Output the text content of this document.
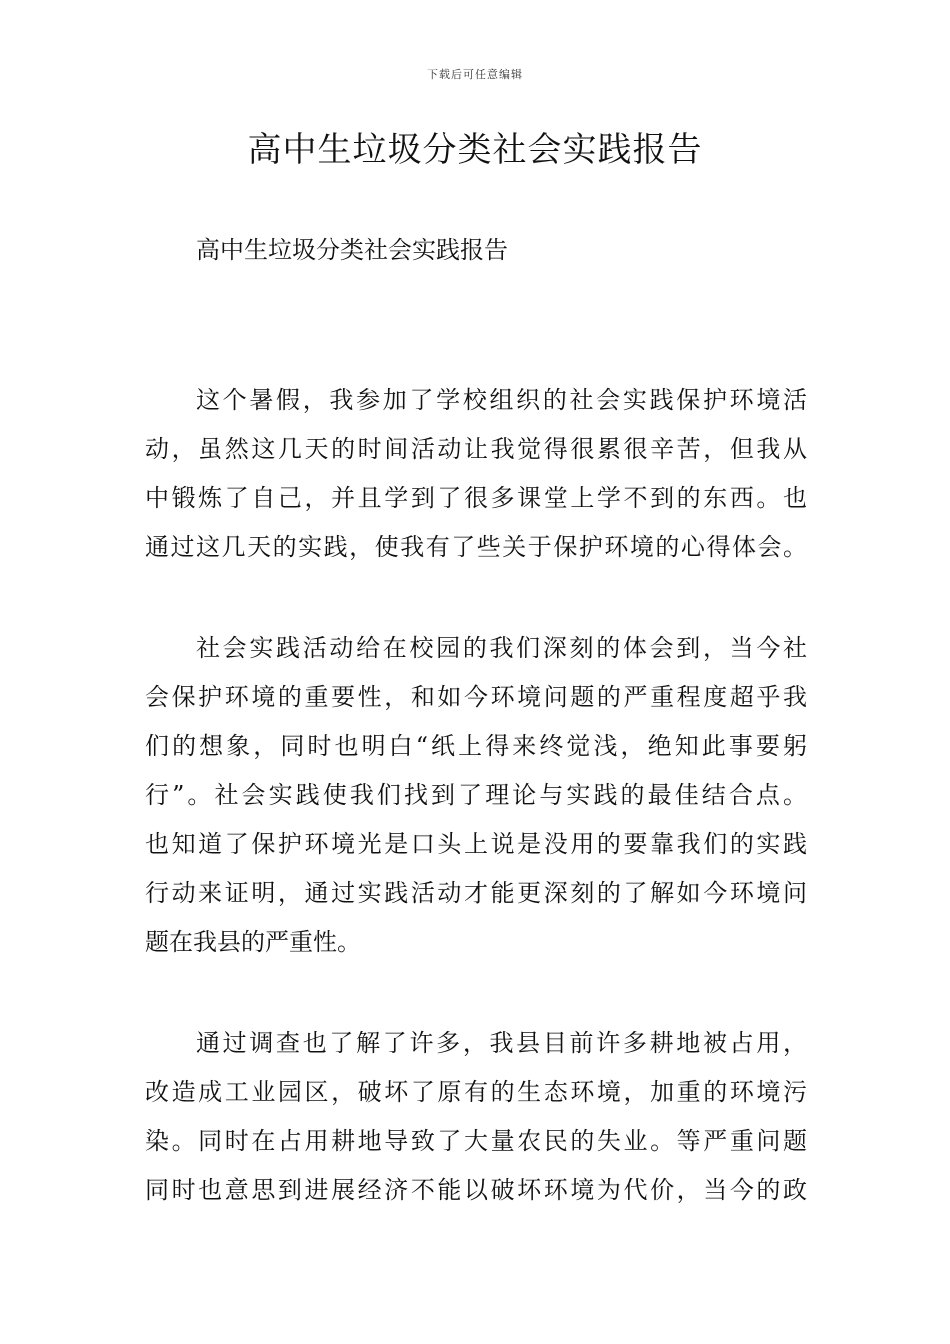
下载后可任意编辑
高中生垃圾分类社会实践报告

高中生垃圾分类社会实践报告

这个暑假，我参加了学校组织的社会实践保护环境活

动，虽然这几天的时间活动让我觉得很累很辛苦，但我从

中锻炼了自己，并且学到了很多课堂上学不到的东西。也

通过这几天的实践，使我有了些关于保护环境的心得体会。

社会实践活动给在校园的我们深刻的体会到，当今社

会保护环境的重要性，和如今环境问题的严重程度超乎我

们的想象，同时也明白“纸上得来终觉浅，绝知此事要躬

行”。社会实践使我们找到了理论与实践的最佳结合点。

也知道了保护环境光是口头上说是没用的要靠我们的实践

行动来证明，通过实践活动才能更深刻的了解如今环境问

题在我县的严重性。

通过调查也了解了许多，我县目前许多耕地被占用，

改造成工业园区，破坏了原有的生态环境，加重的环境污

染。同时在占用耕地导致了大量农民的失业。等严重问题

同时也意思到进展经济不能以破坏环境为代价，当今的政
